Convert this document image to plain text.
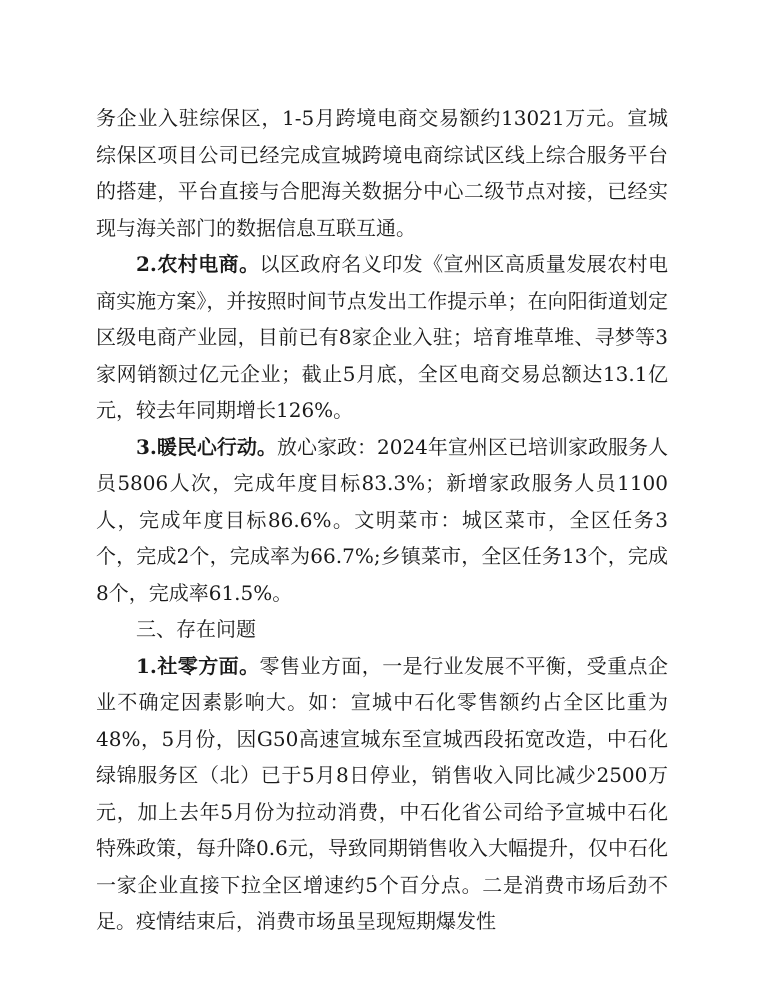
务企业入驻综保区，1-5月跨境电商交易额约13021万元。宣城综保区项目公司已经完成宣城跨境电商综试区线上综合服务平台的搭建，平台直接与合肥海关数据分中心二级节点对接，已经实现与海关部门的数据信息互联互通。

2.农村电商。以区政府名义印发《宣州区高质量发展农村电商实施方案》，并按照时间节点发出工作提示单；在向阳街道划定区级电商产业园，目前已有8家企业入驻；培育堆草堆、寻梦等3家网销额过亿元企业；截止5月底，全区电商交易总额达13.1亿元，较去年同期增长126%。

3.暖民心行动。放心家政：2024年宣州区已培训家政服务人员5806人次，完成年度目标83.3%；新增家政服务人员1100人，完成年度目标86.6%。文明菜市：城区菜市，全区任务3个，完成2个，完成率为66.7%;乡镇菜市，全区任务13个，完成8个，完成率61.5%。

三、存在问题

1.社零方面。零售业方面，一是行业发展不平衡，受重点企业不确定因素影响大。如：宣城中石化零售额约占全区比重为48%，5月份，因G50高速宣城东至宣城西段拓宽改造，中石化绿锦服务区（北）已于5月8日停业，销售收入同比减少2500万元，加上去年5月份为拉动消费，中石化省公司给予宣城中石化特殊政策，每升降0.6元，导致同期销售收入大幅提升，仅中石化一家企业直接下拉全区增速约5个百分点。二是消费市场后劲不足。疫情结束后，消费市场虽呈现短期爆发性
